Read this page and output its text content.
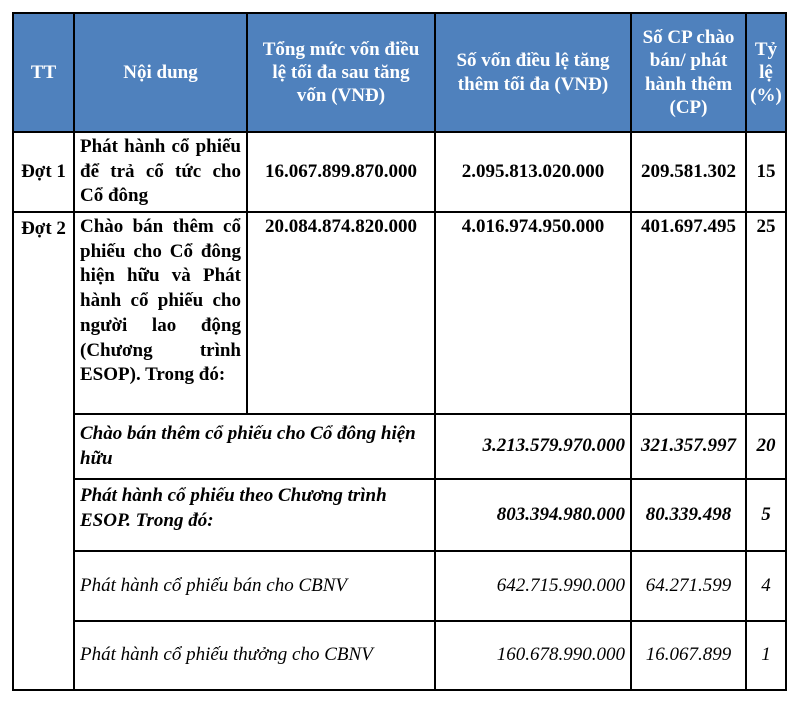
TT	Nội dung	Tổng mức vốn điều lệ tối đa sau tăng vốn (VNĐ)	Số vốn điều lệ tăng thêm tối đa (VNĐ)	Số CP chào bán/ phát hành thêm (CP)	Tỷ lệ (%)
Đợt 1	Phát hành cổ phiếu để trả cổ tức cho Cổ đông	16.067.899.870.000	2.095.813.020.000	209.581.302	15
Đợt 2	Chào bán thêm cổ phiếu cho Cổ đông hiện hữu và Phát hành cổ phiếu cho người lao động (Chương trình ESOP). Trong đó:	20.084.874.820.000	4.016.974.950.000	401.697.495	25
	Chào bán thêm cổ phiếu cho Cổ đông hiện hữu		3.213.579.970.000	321.357.997	20
	Phát hành cổ phiếu theo Chương trình ESOP. Trong đó:		803.394.980.000	80.339.498	5
	Phát hành cổ phiếu bán cho CBNV		642.715.990.000	64.271.599	4
	Phát hành cổ phiếu thưởng cho CBNV		160.678.990.000	16.067.899	1
